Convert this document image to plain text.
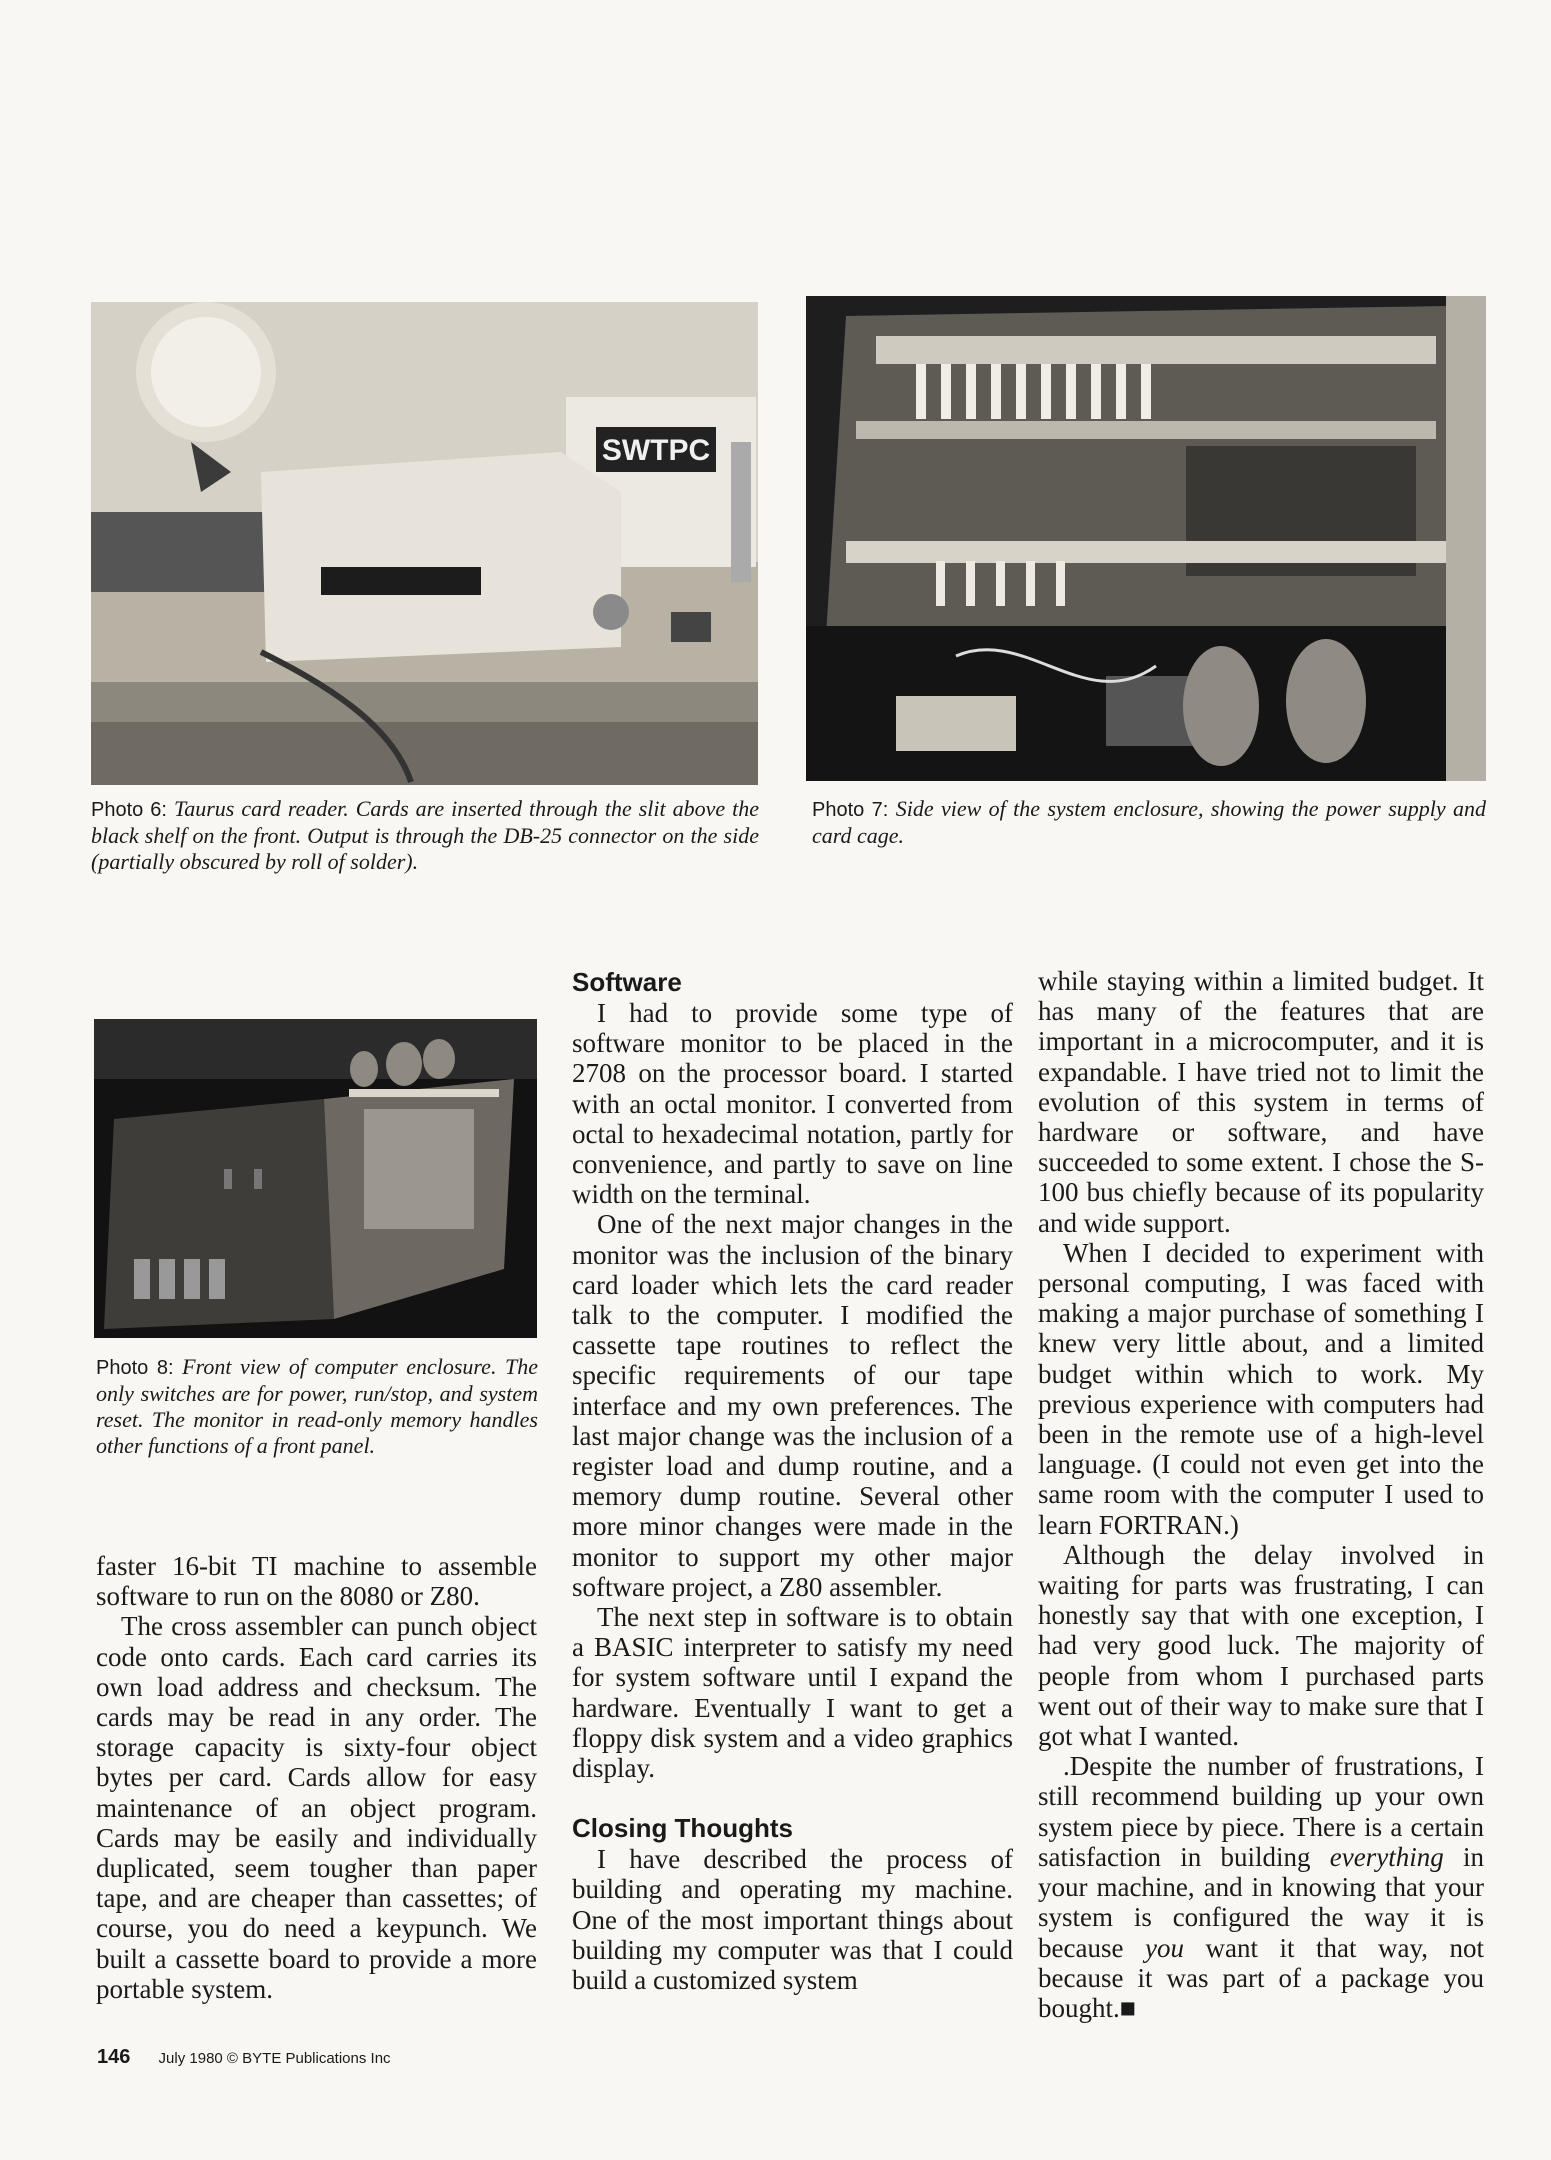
SWTPC
Photo 6: Taurus card reader. Cards are inserted through the slit above the black shelf on the front. Output is through the DB-25 connector on the side (partially obscured by roll of solder).
Photo 7: Side view of the system enclosure, showing the power supply and card cage.
Photo 8: Front view of computer enclosure. The only switches are for power, run/stop, and system reset. The monitor in read-only memory handles other functions of a front panel.

faster 16-bit TI machine to assemble software to run on the 8080 or Z80.

The cross assembler can punch object code onto cards. Each card carries its own load address and checksum. The cards may be read in any order. The storage capacity is sixty-four object bytes per card. Cards allow for easy maintenance of an object program. Cards may be easily and individually duplicated, seem tougher than paper tape, and are cheaper than cassettes; of course, you do need a keypunch. We built a cassette board to provide a more portable system.

Software

I had to provide some type of software monitor to be placed in the 2708 on the processor board. I started with an octal monitor. I converted from octal to hexadecimal notation, partly for convenience, and partly to save on line width on the terminal.

One of the next major changes in the monitor was the inclusion of the binary card loader which lets the card reader talk to the computer. I modified the cassette tape routines to reflect the specific requirements of our tape interface and my own preferences. The last major change was the inclusion of a register load and dump routine, and a memory dump routine. Several other more minor changes were made in the monitor to support my other major software project, a Z80 assembler.

The next step in software is to obtain a BASIC interpreter to satisfy my need for system software until I expand the hardware. Eventually I want to get a floppy disk system and a video graphics display.

Closing Thoughts

I have described the process of building and operating my machine. One of the most important things about building my computer was that I could build a customized system

while staying within a limited budget. It has many of the features that are important in a microcomputer, and it is expandable. I have tried not to limit the evolution of this system in terms of hardware or software, and have succeeded to some extent. I chose the S-100 bus chiefly because of its popularity and wide support.

When I decided to experiment with personal computing, I was faced with making a major purchase of something I knew very little about, and a limited budget within which to work. My previous experience with computers had been in the remote use of a high-level language. (I could not even get into the same room with the computer I used to learn FORTRAN.)

Although the delay involved in waiting for parts was frustrating, I can honestly say that with one exception, I had very good luck. The majority of people from whom I purchased parts went out of their way to make sure that I got what I wanted.

.Despite the number of frustrations, I still recommend building up your own system piece by piece. There is a certain satisfaction in building everything in your machine, and in knowing that your system is configured the way it is because you want it that way, not because it was part of a package you bought.■

146 July 1980 © BYTE Publications Inc
